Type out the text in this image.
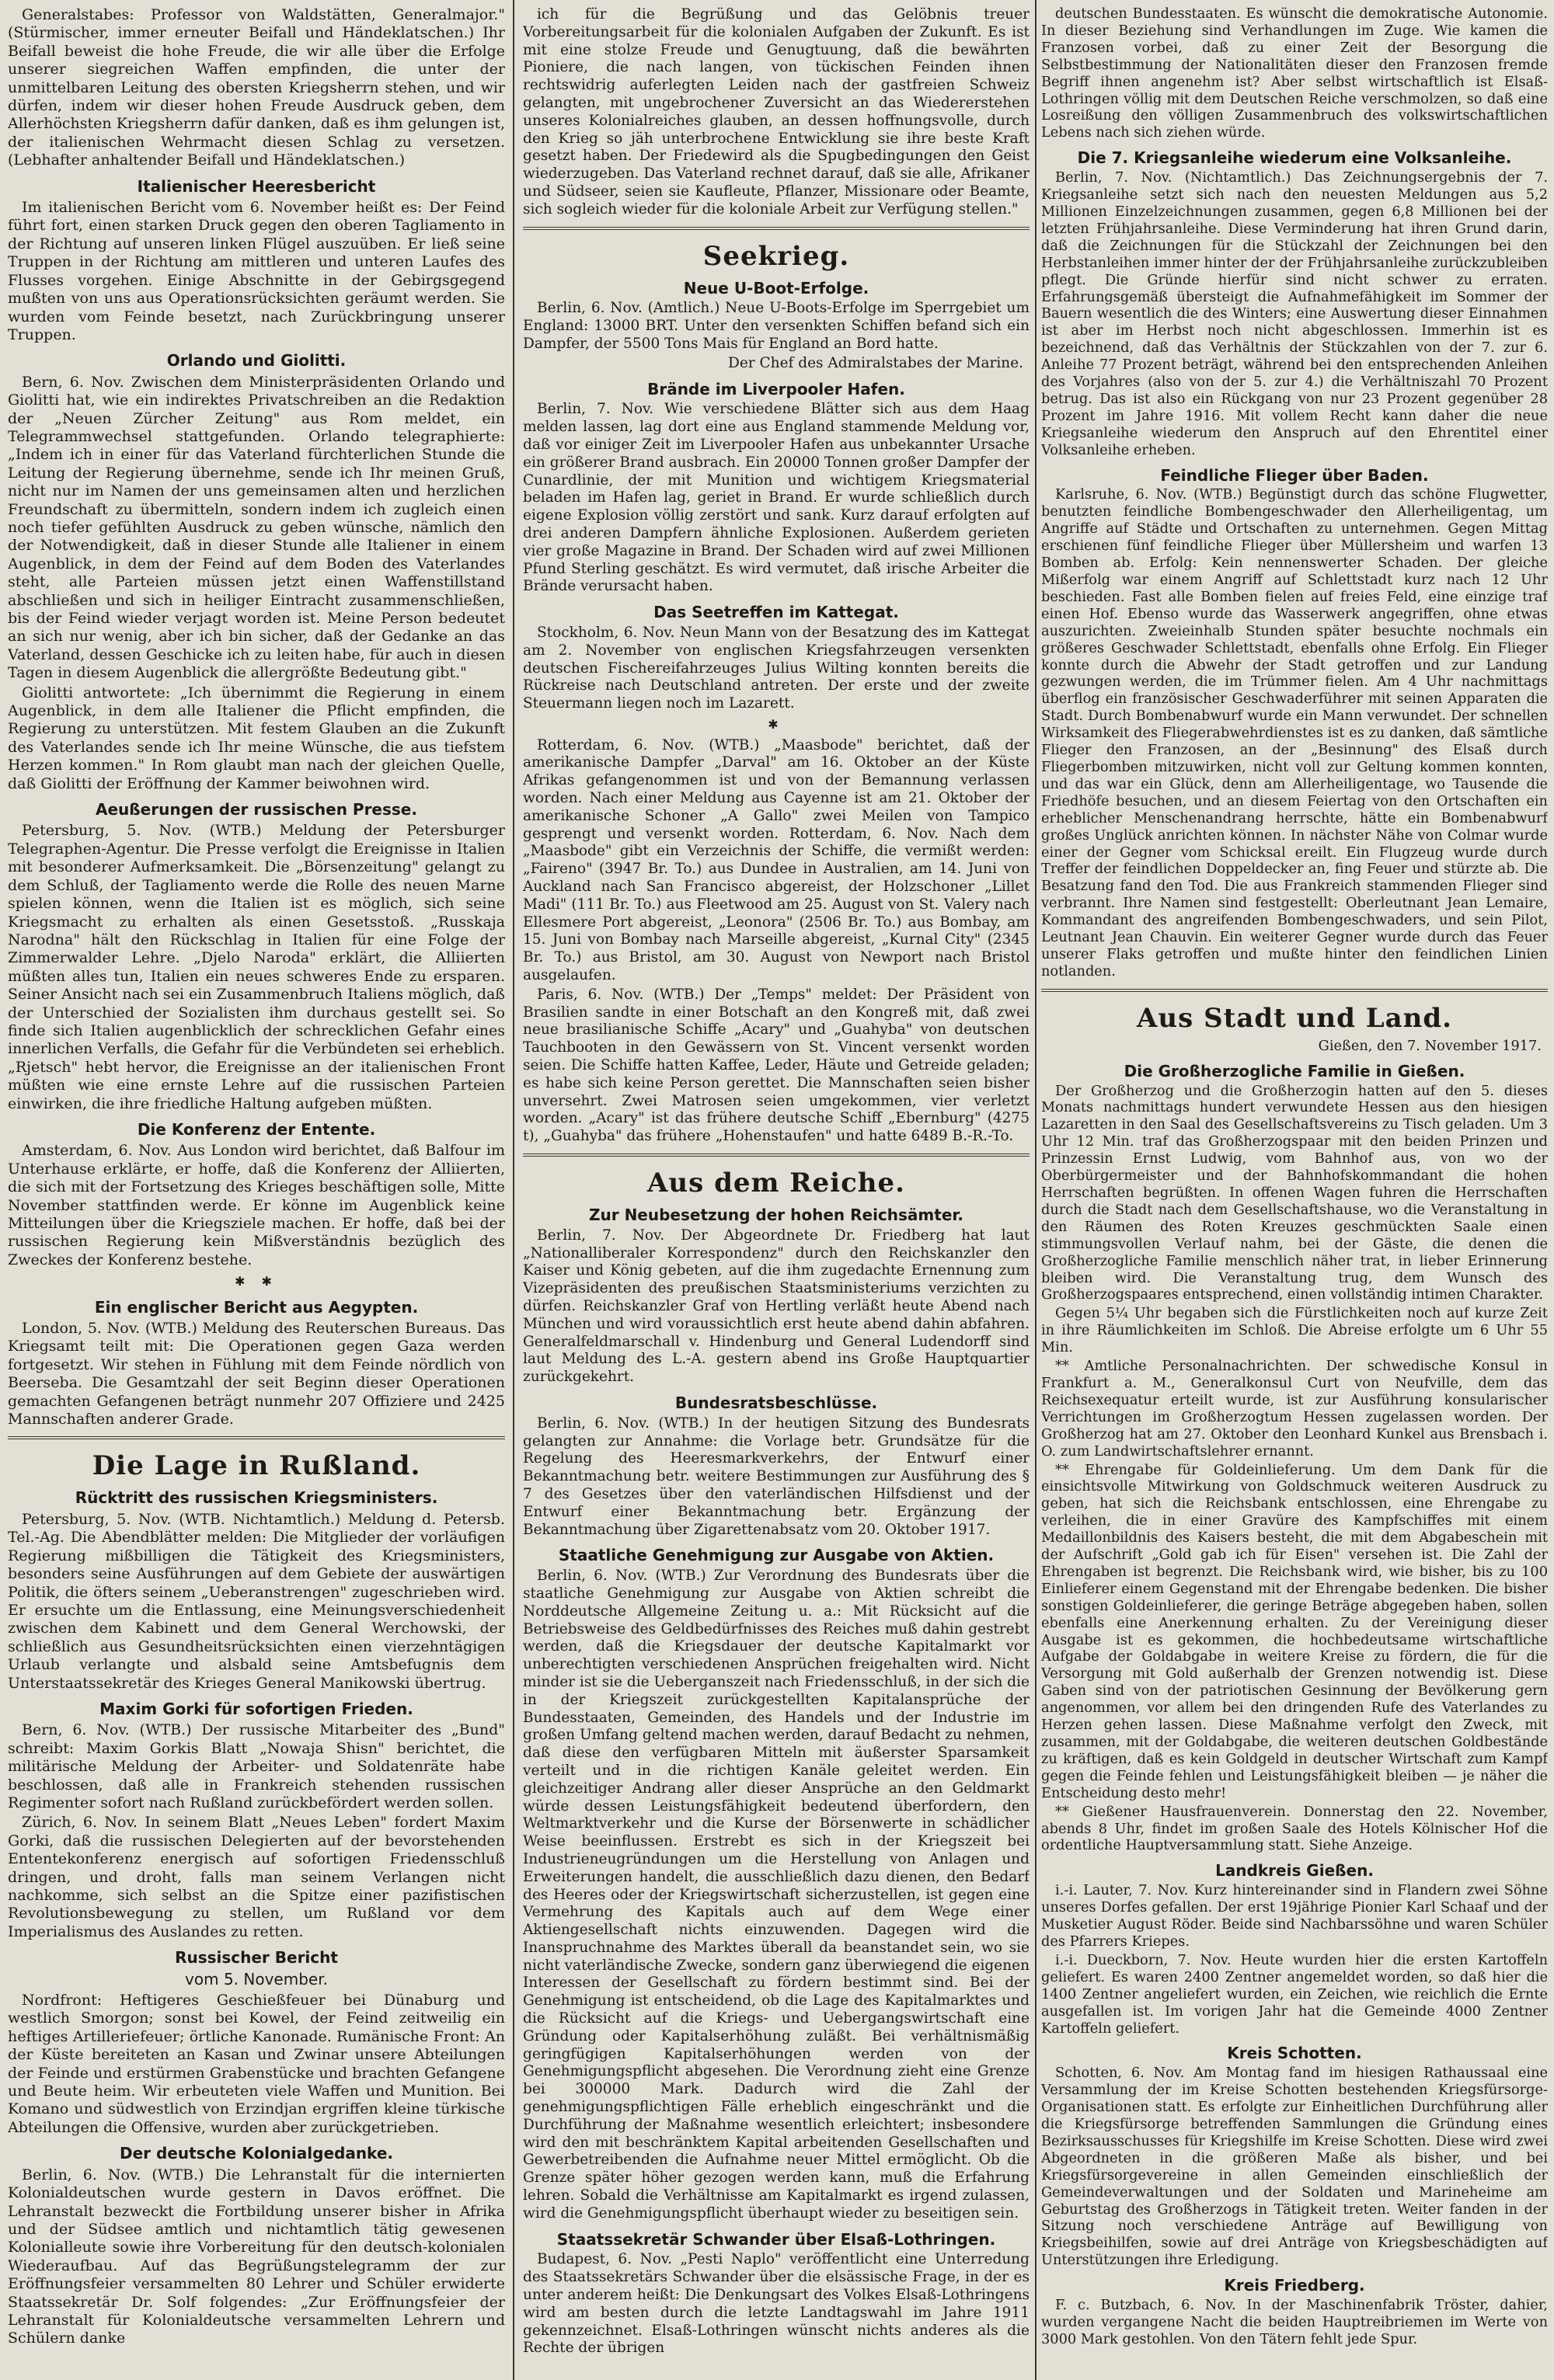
Generalstabes: Professor von Waldstätten, Generalmajor." (Stürmischer, immer erneuter Beifall und Händeklatschen.) Ihr Beifall beweist die hohe Freude, die wir alle über die Erfolge unserer siegreichen Waffen empfinden, die unter der unmittelbaren Leitung des obersten Kriegsherrn stehen, und wir dürfen, indem wir dieser hohen Freude Ausdruck geben, dem Allerhöchsten Kriegsherrn dafür danken, daß es ihm gelungen ist, der italienischen Wehrmacht diesen Schlag zu versetzen. (Lebhafter anhaltender Beifall und Händeklatschen.)

Italienischer Heeresbericht

Im italienischen Bericht vom 6. November heißt es: Der Feind führt fort, einen starken Druck gegen den oberen Tagliamento in der Richtung auf unseren linken Flügel auszuüben. Er ließ seine Truppen in der Richtung am mittleren und unteren Laufes des Flusses vorgehen. Einige Abschnitte in der Gebirgsgegend mußten von uns aus Operationsrücksichten geräumt werden. Sie wurden vom Feinde besetzt, nach Zurückbringung unserer Truppen.

Orlando und Giolitti.

Bern, 6. Nov. Zwischen dem Ministerpräsidenten Orlando und Giolitti hat, wie ein indirektes Privatschreiben an die Redaktion der „Neuen Zürcher Zeitung" aus Rom meldet, ein Telegrammwechsel stattgefunden. Orlando telegraphierte: „Indem ich in einer für das Vaterland fürchterlichen Stunde die Leitung der Regierung übernehme, sende ich Ihr meinen Gruß, nicht nur im Namen der uns gemeinsamen alten und herzlichen Freundschaft zu übermitteln, sondern indem ich zugleich einen noch tiefer gefühlten Ausdruck zu geben wünsche, nämlich den der Notwendigkeit, daß in dieser Stunde alle Italiener in einem Augenblick, in dem der Feind auf dem Boden des Vaterlandes steht, alle Parteien müssen jetzt einen Waffenstillstand abschließen und sich in heiliger Eintracht zusammenschließen, bis der Feind wieder verjagt worden ist. Meine Person bedeutet an sich nur wenig, aber ich bin sicher, daß der Gedanke an das Vaterland, dessen Geschicke ich zu leiten habe, für auch in diesen Tagen in diesem Augenblick die allergrößte Bedeutung gibt."

Giolitti antwortete: „Ich übernimmt die Regierung in einem Augenblick, in dem alle Italiener die Pflicht empfinden, die Regierung zu unterstützen. Mit festem Glauben an die Zukunft des Vaterlandes sende ich Ihr meine Wünsche, die aus tiefstem Herzen kommen." In Rom glaubt man nach der gleichen Quelle, daß Giolitti der Eröffnung der Kammer beiwohnen wird.

Aeußerungen der russischen Presse.

Petersburg, 5. Nov. (WTB.) Meldung der Petersburger Telegraphen-Agentur. Die Presse verfolgt die Ereignisse in Italien mit besonderer Aufmerksamkeit. Die „Börsenzeitung" gelangt zu dem Schluß, der Tagliamento werde die Rolle des neuen Marne spielen können, wenn die Italien ist es möglich, sich seine Kriegsmacht zu erhalten als einen Gesetsstoß. „Russkaja Narodna" hält den Rückschlag in Italien für eine Folge der Zimmerwalder Lehre. „Djelo Naroda" erklärt, die Alliierten müßten alles tun, Italien ein neues schweres Ende zu ersparen. Seiner Ansicht nach sei ein Zusammenbruch Italiens möglich, daß der Unterschied der Sozialisten ihm durchaus gestellt sei. So finde sich Italien augenblicklich der schrecklichen Gefahr eines innerlichen Verfalls, die Gefahr für die Verbündeten sei erheblich. „Rjetsch" hebt hervor, die Ereignisse an der italienischen Front müßten wie eine ernste Lehre auf die russischen Parteien einwirken, die ihre friedliche Haltung aufgeben müßten.

Die Konferenz der Entente.

Amsterdam, 6. Nov. Aus London wird berichtet, daß Balfour im Unterhause erklärte, er hoffe, daß die Konferenz der Alliierten, die sich mit der Fortsetzung des Krieges beschäftigen solle, Mitte November stattfinden werde. Er könne im Augenblick keine Mitteilungen über die Kriegsziele machen. Er hoffe, daß bei der russischen Regierung kein Mißverständnis bezüglich des Zweckes der Konferenz bestehe.

✱ ✱
Ein englischer Bericht aus Aegypten.

London, 5. Nov. (WTB.) Meldung des Reuterschen Bureaus. Das Kriegsamt teilt mit: Die Operationen gegen Gaza werden fortgesetzt. Wir stehen in Fühlung mit dem Feinde nördlich von Beerseba. Die Gesamtzahl der seit Beginn dieser Operationen gemachten Gefangenen beträgt nunmehr 207 Offiziere und 2425 Mannschaften anderer Grade.

Die Lage in Rußland.
Rücktritt des russischen Kriegsministers.

Petersburg, 5. Nov. (WTB. Nichtamtlich.) Meldung d. Petersb. Tel.-Ag. Die Abendblätter melden: Die Mitglieder der vorläufigen Regierung mißbilligen die Tätigkeit des Kriegsministers, besonders seine Ausführungen auf dem Gebiete der auswärtigen Politik, die öfters seinem „Ueberanstrengen" zugeschrieben wird. Er ersuchte um die Entlassung, eine Meinungsverschiedenheit zwischen dem Kabinett und dem General Werchowski, der schließlich aus Gesundheitsrücksichten einen vierzehntägigen Urlaub verlangte und alsbald seine Amtsbefugnis dem Unterstaatssekretär des Krieges General Manikowski übertrug.

Maxim Gorki für sofortigen Frieden.

Bern, 6. Nov. (WTB.) Der russische Mitarbeiter des „Bund" schreibt: Maxim Gorkis Blatt „Nowaja Shisn" berichtet, die militärische Meldung der Arbeiter- und Soldatenräte habe beschlossen, daß alle in Frankreich stehenden russischen Regimenter sofort nach Rußland zurückbefördert werden sollen.

Zürich, 6. Nov. In seinem Blatt „Neues Leben" fordert Maxim Gorki, daß die russischen Delegierten auf der bevorstehenden Ententekonferenz energisch auf sofortigen Friedensschluß dringen, und droht, falls man seinem Verlangen nicht nachkomme, sich selbst an die Spitze einer pazifistischen Revolutionsbewegung zu stellen, um Rußland vor dem Imperialismus des Auslandes zu retten.

Russischer Bericht
vom 5. November.

Nordfront: Heftigeres Geschießfeuer bei Dünaburg und westlich Smorgon; sonst bei Kowel, der Feind zeitweilig ein heftiges Artilleriefeuer; örtliche Kanonade. Rumänische Front: An der Küste bereiteten an Kasan und Zwinar unsere Abteilungen der Feinde und erstürmen Grabenstücke und brachten Gefangene und Beute heim. Wir erbeuteten viele Waffen und Munition. Bei Komano und südwestlich von Erzindjan ergriffen kleine türkische Abteilungen die Offensive, wurden aber zurückgetrieben.

Der deutsche Kolonialgedanke.

Berlin, 6. Nov. (WTB.) Die Lehranstalt für die internierten Kolonialdeutschen wurde gestern in Davos eröffnet. Die Lehranstalt bezweckt die Fortbildung unserer bisher in Afrika und der Südsee amtlich und nichtamtlich tätig gewesenen Kolonialleute sowie ihre Vorbereitung für den deutsch-kolonialen Wiederaufbau. Auf das Begrüßungstelegramm der zur Eröffnungsfeier versammelten 80 Lehrer und Schüler erwiderte Staatssekretär Dr. Solf folgendes: „Zur Eröffnungsfeier der Lehranstalt für Kolonialdeutsche versammelten Lehrern und Schülern danke

ich für die Begrüßung und das Gelöbnis treuer Vorbereitungsarbeit für die kolonialen Aufgaben der Zukunft. Es ist mit eine stolze Freude und Genugtuung, daß die bewährten Pioniere, die nach langen, von tückischen Feinden ihnen rechtswidrig auferlegten Leiden nach der gastfreien Schweiz gelangten, mit ungebrochener Zuversicht an das Wiedererstehen unseres Kolonialreiches glauben, an dessen hoffnungsvolle, durch den Krieg so jäh unterbrochene Entwicklung sie ihre beste Kraft gesetzt haben. Der Friedewird als die Spugbedingungen den Geist wiederzugeben. Das Vaterland rechnet darauf, daß sie alle, Afrikaner und Südseer, seien sie Kaufleute, Pflanzer, Missionare oder Beamte, sich sogleich wieder für die koloniale Arbeit zur Verfügung stellen."

Seekrieg.
Neue U-Boot-Erfolge.

Berlin, 6. Nov. (Amtlich.) Neue U-Boots-Erfolge im Sperrgebiet um England: 13000 BRT. Unter den versenkten Schiffen befand sich ein Dampfer, der 5500 Tons Mais für England an Bord hatte.

Der Chef des Admiralstabes der Marine.
Brände im Liverpooler Hafen.

Berlin, 7. Nov. Wie verschiedene Blätter sich aus dem Haag melden lassen, lag dort eine aus England stammende Meldung vor, daß vor einiger Zeit im Liverpooler Hafen aus unbekannter Ursache ein größerer Brand ausbrach. Ein 20000 Tonnen großer Dampfer der Cunardlinie, der mit Munition und wichtigem Kriegsmaterial beladen im Hafen lag, geriet in Brand. Er wurde schließlich durch eigene Explosion völlig zerstört und sank. Kurz darauf erfolgten auf drei anderen Dampfern ähnliche Explosionen. Außerdem gerieten vier große Magazine in Brand. Der Schaden wird auf zwei Millionen Pfund Sterling geschätzt. Es wird vermutet, daß irische Arbeiter die Brände verursacht haben.

Das Seetreffen im Kattegat.

Stockholm, 6. Nov. Neun Mann von der Besatzung des im Kattegat am 2. November von englischen Kriegsfahrzeugen versenkten deutschen Fischereifahrzeuges Julius Wilting konnten bereits die Rückreise nach Deutschland antreten. Der erste und der zweite Steuermann liegen noch im Lazarett.

✱

Rotterdam, 6. Nov. (WTB.) „Maasbode" berichtet, daß der amerikanische Dampfer „Darval" am 16. Oktober an der Küste Afrikas gefangenommen ist und von der Bemannung verlassen worden. Nach einer Meldung aus Cayenne ist am 21. Oktober der amerikanische Schoner „A Gallo" zwei Meilen von Tampico gesprengt und versenkt worden. Rotterdam, 6. Nov. Nach dem „Maasbode" gibt ein Verzeichnis der Schiffe, die vermißt werden: „Faireno" (3947 Br. To.) aus Dundee in Australien, am 14. Juni von Auckland nach San Francisco abgereist, der Holzschoner „Lillet Madi" (111 Br. To.) aus Fleetwood am 25. August von St. Valery nach Ellesmere Port abgereist, „Leonora" (2506 Br. To.) aus Bombay, am 15. Juni von Bombay nach Marseille abgereist, „Kurnal City" (2345 Br. To.) aus Bristol, am 30. August von Newport nach Bristol ausgelaufen.

Paris, 6. Nov. (WTB.) Der „Temps" meldet: Der Präsident von Brasilien sandte in einer Botschaft an den Kongreß mit, daß zwei neue brasilianische Schiffe „Acary" und „Guahyba" von deutschen Tauchbooten in den Gewässern von St. Vincent versenkt worden seien. Die Schiffe hatten Kaffee, Leder, Häute und Getreide geladen; es habe sich keine Person gerettet. Die Mannschaften seien bisher unversehrt. Zwei Matrosen seien umgekommen, vier verletzt worden. „Acary" ist das frühere deutsche Schiff „Ebernburg" (4275 t), „Guahyba" das frühere „Hohenstaufen" und hatte 6489 B.-R.-To.

Aus dem Reiche.
Zur Neubesetzung der hohen Reichsämter.

Berlin, 7. Nov. Der Abgeordnete Dr. Friedberg hat laut „Nationalliberaler Korrespondenz" durch den Reichskanzler den Kaiser und König gebeten, auf die ihm zugedachte Ernennung zum Vizepräsidenten des preußischen Staatsministeriums verzichten zu dürfen. Reichskanzler Graf von Hertling verläßt heute Abend nach München und wird voraussichtlich erst heute abend dahin abfahren. Generalfeldmarschall v. Hindenburg und General Ludendorff sind laut Meldung des L.-A. gestern abend ins Große Hauptquartier zurückgekehrt.

Bundesratsbeschlüsse.

Berlin, 6. Nov. (WTB.) In der heutigen Sitzung des Bundesrats gelangten zur Annahme: die Vorlage betr. Grundsätze für die Regelung des Heeresmarkverkehrs, der Entwurf einer Bekanntmachung betr. weitere Bestimmungen zur Ausführung des § 7 des Gesetzes über den vaterländischen Hilfsdienst und der Entwurf einer Bekanntmachung betr. Ergänzung der Bekanntmachung über Zigarettenabsatz vom 20. Oktober 1917.

Staatliche Genehmigung zur Ausgabe von Aktien.

Berlin, 6. Nov. (WTB.) Zur Verordnung des Bundesrats über die staatliche Genehmigung zur Ausgabe von Aktien schreibt die Norddeutsche Allgemeine Zeitung u. a.: Mit Rücksicht auf die Betriebsweise des Geldbedürfnisses des Reiches muß dahin gestrebt werden, daß die Kriegsdauer der deutsche Kapitalmarkt vor unberechtigten verschiedenen Ansprüchen freigehalten wird. Nicht minder ist sie die Ueberganszeit nach Friedensschluß, in der sich die in der Kriegszeit zurückgestellten Kapitalansprüche der Bundesstaaten, Gemeinden, des Handels und der Industrie im großen Umfang geltend machen werden, darauf Bedacht zu nehmen, daß diese den verfügbaren Mitteln mit äußerster Sparsamkeit verteilt und in die richtigen Kanäle geleitet werden. Ein gleichzeitiger Andrang aller dieser Ansprüche an den Geldmarkt würde dessen Leistungsfähigkeit bedeutend überfordern, den Weltmarktverkehr und die Kurse der Börsenwerte in schädlicher Weise beeinflussen. Erstrebt es sich in der Kriegszeit bei Industrieneugründungen um die Herstellung von Anlagen und Erweiterungen handelt, die ausschließlich dazu dienen, den Bedarf des Heeres oder der Kriegswirtschaft sicherzustellen, ist gegen eine Vermehrung des Kapitals auch auf dem Wege einer Aktiengesellschaft nichts einzuwenden. Dagegen wird die Inanspruchnahme des Marktes überall da beanstandet sein, wo sie nicht vaterländische Zwecke, sondern ganz überwiegend die eigenen Interessen der Gesellschaft zu fördern bestimmt sind. Bei der Genehmigung ist entscheidend, ob die Lage des Kapitalmarktes und die Rücksicht auf die Kriegs- und Uebergangswirtschaft eine Gründung oder Kapitalserhöhung zuläßt. Bei verhältnismäßig geringfügigen Kapitalserhöhungen werden von der Genehmigungspflicht abgesehen. Die Verordnung zieht eine Grenze bei 300000 Mark. Dadurch wird die Zahl der genehmigungspflichtigen Fälle erheblich eingeschränkt und die Durchführung der Maßnahme wesentlich erleichtert; insbesondere wird den mit beschränktem Kapital arbeitenden Gesellschaften und Gewerbetreibenden die Aufnahme neuer Mittel ermöglicht. Ob die Grenze später höher gezogen werden kann, muß die Erfahrung lehren. Sobald die Verhältnisse am Kapitalmarkt es irgend zulassen, wird die Genehmigungspflicht überhaupt wieder zu beseitigen sein.

Staatssekretär Schwander über Elsaß-Lothringen.

Budapest, 6. Nov. „Pesti Naplo" veröffentlicht eine Unterredung des Staatssekretärs Schwander über die elsässische Frage, in der es unter anderem heißt: Die Denkungsart des Volkes Elsaß-Lothringens wird am besten durch die letzte Landtagswahl im Jahre 1911 gekennzeichnet. Elsaß-Lothringen wünscht nichts anderes als die Rechte der übrigen

deutschen Bundesstaaten. Es wünscht die demokratische Autonomie. In dieser Beziehung sind Verhandlungen im Zuge. Wie kamen die Franzosen vorbei, daß zu einer Zeit der Besorgung die Selbstbestimmung der Nationalitäten dieser den Franzosen fremde Begriff ihnen angenehm ist? Aber selbst wirtschaftlich ist Elsaß-Lothringen völlig mit dem Deutschen Reiche verschmolzen, so daß eine Losreißung den völligen Zusammenbruch des volkswirtschaftlichen Lebens nach sich ziehen würde.

Die 7. Kriegsanleihe wiederum eine Volksanleihe.

Berlin, 7. Nov. (Nichtamtlich.) Das Zeichnungsergebnis der 7. Kriegsanleihe setzt sich nach den neuesten Meldungen aus 5,2 Millionen Einzelzeichnungen zusammen, gegen 6,8 Millionen bei der letzten Frühjahrsanleihe. Diese Verminderung hat ihren Grund darin, daß die Zeichnungen für die Stückzahl der Zeichnungen bei den Herbstanleihen immer hinter der der Frühjahrsanleihe zurückzubleiben pflegt. Die Gründe hierfür sind nicht schwer zu erraten. Erfahrungsgemäß übersteigt die Aufnahmefähigkeit im Sommer der Bauern wesentlich die des Winters; eine Auswertung dieser Einnahmen ist aber im Herbst noch nicht abgeschlossen. Immerhin ist es bezeichnend, daß das Verhältnis der Stückzahlen von der 7. zur 6. Anleihe 77 Prozent beträgt, während bei den entsprechenden Anleihen des Vorjahres (also von der 5. zur 4.) die Verhältniszahl 70 Prozent betrug. Das ist also ein Rückgang von nur 23 Prozent gegenüber 28 Prozent im Jahre 1916. Mit vollem Recht kann daher die neue Kriegsanleihe wiederum den Anspruch auf den Ehrentitel einer Volksanleihe erheben.

Feindliche Flieger über Baden.

Karlsruhe, 6. Nov. (WTB.) Begünstigt durch das schöne Flugwetter, benutzten feindliche Bombengeschwader den Allerheiligentag, um Angriffe auf Städte und Ortschaften zu unternehmen. Gegen Mittag erschienen fünf feindliche Flieger über Müllersheim und warfen 13 Bomben ab. Erfolg: Kein nennenswerter Schaden. Der gleiche Mißerfolg war einem Angriff auf Schlettstadt kurz nach 12 Uhr beschieden. Fast alle Bomben fielen auf freies Feld, eine einzige traf einen Hof. Ebenso wurde das Wasserwerk angegriffen, ohne etwas auszurichten. Zweieinhalb Stunden später besuchte nochmals ein größeres Geschwader Schlettstadt, ebenfalls ohne Erfolg. Ein Flieger konnte durch die Abwehr der Stadt getroffen und zur Landung gezwungen werden, die im Trümmer fielen. Am 4 Uhr nachmittags überflog ein französischer Geschwaderführer mit seinen Apparaten die Stadt. Durch Bombenabwurf wurde ein Mann verwundet. Der schnellen Wirksamkeit des Fliegerabwehrdienstes ist es zu danken, daß sämtliche Flieger den Franzosen, an der „Besinnung" des Elsaß durch Fliegerbomben mitzuwirken, nicht voll zur Geltung kommen konnten, und das war ein Glück, denn am Allerheiligentage, wo Tausende die Friedhöfe besuchen, und an diesem Feiertag von den Ortschaften ein erheblicher Menschenandrang herrschte, hätte ein Bombenabwurf großes Unglück anrichten können. In nächster Nähe von Colmar wurde einer der Gegner vom Schicksal ereilt. Ein Flugzeug wurde durch Treffer der feindlichen Doppeldecker an, fing Feuer und stürzte ab. Die Besatzung fand den Tod. Die aus Frankreich stammenden Flieger sind verbrannt. Ihre Namen sind festgestellt: Oberleutnant Jean Lemaire, Kommandant des angreifenden Bombengeschwaders, und sein Pilot, Leutnant Jean Chauvin. Ein weiterer Gegner wurde durch das Feuer unserer Flaks getroffen und mußte hinter den feindlichen Linien notlanden.

Aus Stadt und Land.
Gießen, den 7. November 1917.
Die Großherzogliche Familie in Gießen.

Der Großherzog und die Großherzogin hatten auf den 5. dieses Monats nachmittags hundert verwundete Hessen aus den hiesigen Lazaretten in den Saal des Gesellschaftsvereins zu Tisch geladen. Um 3 Uhr 12 Min. traf das Großherzogspaar mit den beiden Prinzen und Prinzessin Ernst Ludwig, vom Bahnhof aus, von wo der Oberbürgermeister und der Bahnhofskommandant die hohen Herrschaften begrüßten. In offenen Wagen fuhren die Herrschaften durch die Stadt nach dem Gesellschaftshause, wo die Veranstaltung in den Räumen des Roten Kreuzes geschmückten Saale einen stimmungsvollen Verlauf nahm, bei der Gäste, die denen die Großherzogliche Familie menschlich näher trat, in lieber Erinnerung bleiben wird. Die Veranstaltung trug, dem Wunsch des Großherzogspaares entsprechend, einen vollständig intimen Charakter.

Gegen 5¼ Uhr begaben sich die Fürstlichkeiten noch auf kurze Zeit in ihre Räumlichkeiten im Schloß. Die Abreise erfolgte um 6 Uhr 55 Min.

** Amtliche Personalnachrichten. Der schwedische Konsul in Frankfurt a. M., Generalkonsul Curt von Neufville, dem das Reichsexequatur erteilt wurde, ist zur Ausführung konsularischer Verrichtungen im Großherzogtum Hessen zugelassen worden. Der Großherzog hat am 27. Oktober den Leonhard Kunkel aus Brensbach i. O. zum Landwirtschaftslehrer ernannt.

** Ehrengabe für Goldeinlieferung. Um dem Dank für die einsichtsvolle Mitwirkung von Goldschmuck weiteren Ausdruck zu geben, hat sich die Reichsbank entschlossen, eine Ehrengabe zu verleihen, die in einer Gravüre des Kampfschiffes mit einem Medaillonbildnis des Kaisers besteht, die mit dem Abgabeschein mit der Aufschrift „Gold gab ich für Eisen" versehen ist. Die Zahl der Ehrengaben ist begrenzt. Die Reichsbank wird, wie bisher, bis zu 100 Einlieferer einem Gegenstand mit der Ehrengabe bedenken. Die bisher sonstigen Goldeinlieferer, die geringe Beträge abgegeben haben, sollen ebenfalls eine Anerkennung erhalten. Zu der Vereinigung dieser Ausgabe ist es gekommen, die hochbedeutsame wirtschaftliche Aufgabe der Goldabgabe in weitere Kreise zu fördern, die für die Versorgung mit Gold außerhalb der Grenzen notwendig ist. Diese Gaben sind von der patriotischen Gesinnung der Bevölkerung gern angenommen, vor allem bei den dringenden Rufe des Vaterlandes zu Herzen gehen lassen. Diese Maßnahme verfolgt den Zweck, mit zusammen, mit der Goldabgabe, die weiteren deutschen Goldbestände zu kräftigen, daß es kein Goldgeld in deutscher Wirtschaft zum Kampf gegen die Feinde fehlen und Leistungsfähigkeit bleiben — je näher die Entscheidung desto mehr!

** Gießener Hausfrauenverein. Donnerstag den 22. November, abends 8 Uhr, findet im großen Saale des Hotels Kölnischer Hof die ordentliche Hauptversammlung statt. Siehe Anzeige.

Landkreis Gießen.

i.-i. Lauter, 7. Nov. Kurz hintereinander sind in Flandern zwei Söhne unseres Dorfes gefallen. Der erst 19jährige Pionier Karl Schaaf und der Musketier August Röder. Beide sind Nachbarssöhne und waren Schüler des Pfarrers Kriepes.

i.-i. Dueckborn, 7. Nov. Heute wurden hier die ersten Kartoffeln geliefert. Es waren 2400 Zentner angemeldet worden, so daß hier die 1400 Zentner angeliefert wurden, ein Zeichen, wie reichlich die Ernte ausgefallen ist. Im vorigen Jahr hat die Gemeinde 4000 Zentner Kartoffeln geliefert.

Kreis Schotten.

Schotten, 6. Nov. Am Montag fand im hiesigen Rathaussaal eine Versammlung der im Kreise Schotten bestehenden Kriegsfürsorge-Organisationen statt. Es erfolgte zur Einheitlichen Durchführung aller die Kriegsfürsorge betreffenden Sammlungen die Gründung eines Bezirksausschusses für Kriegshilfe im Kreise Schotten. Diese wird zwei Abgeordneten in die größeren Maße als bisher, und bei Kriegsfürsorgevereine in allen Gemeinden einschließlich der Gemeindeverwaltungen und der Soldaten und Marineheime am Geburtstag des Großherzogs in Tätigkeit treten. Weiter fanden in der Sitzung noch verschiedene Anträge auf Bewilligung von Kriegsbeihilfen, sowie auf drei Anträge von Kriegsbeschädigten auf Unterstützungen ihre Erledigung.

Kreis Friedberg.

F. c. Butzbach, 6. Nov. In der Maschinenfabrik Tröster, dahier, wurden vergangene Nacht die beiden Hauptreibriemen im Werte von 3000 Mark gestohlen. Von den Tätern fehlt jede Spur.
